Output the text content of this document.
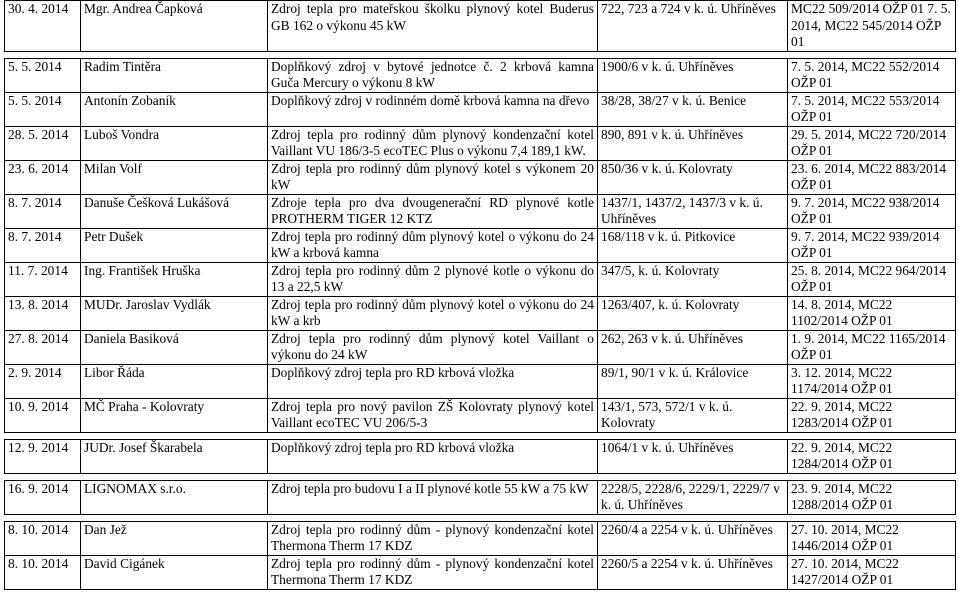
30. 4. 2014	Mgr. Andrea Čapková	Zdroj tepla pro mateřskou školku plynový kotel Buderus GB 162 o výkonu 45 kW	722, 723 a 724 v k. ú. Uhříněves	MC22 509/2014 OŽP 01 7. 5. 2014, MC22 545/2014 OŽP 01

5. 5. 2014	Radim Tintěra	Doplňkový zdroj v bytové jednotce č. 2 krbová kamna Guča Mercury o výkonu 8 kW	1900/6 v k. ú. Uhříněves	7. 5. 2014, MC22 552/2014 OŽP 01
5. 5. 2014	Antonín Zobaník	Doplňkový zdroj v rodinném domě krbová kamna na dřevo	38/28, 38/27 v k. ú. Benice	7. 5. 2014, MC22 553/2014 OŽP 01
28. 5. 2014	Luboš Vondra	Zdroj tepla pro rodinný dům plynový kondenzační kotel Vaillant VU 186/3-5 ecoTEC Plus o výkonu 7,4 189,1 kW.	890, 891 v k. ú. Uhříněves	29. 5. 2014, MC22 720/2014 OŽP 01
23. 6. 2014	Milan Volf	Zdroj tepla pro rodinný dům plynový kotel s výkonem 20 kW	850/36 v k. ú. Kolovraty	23. 6. 2014, MC22 883/2014 OŽP 01
8. 7. 2014	Danuše Češková Lukášová	Zdroje tepla pro dva dvougenerační RD plynové kotle PROTHERM TIGER 12 KTZ	1437/1, 1437/2, 1437/3 v k. ú. Uhříněves	9. 7. 2014, MC22 938/2014 OŽP 01
8. 7. 2014	Petr Dušek	Zdroj tepla pro rodinný dům plynový kotel o výkonu do 24 kW a krbová kamna	168/118 v k. ú. Pitkovice	9. 7. 2014, MC22 939/2014 OŽP 01
11. 7. 2014	Ing. František Hruška	Zdroj tepla pro rodinný dům 2 plynové kotle o výkonu do 13 a 22,5 kW	347/5, k. ú. Kolovraty	25. 8. 2014, MC22 964/2014 OŽP 01
13. 8. 2014	MUDr. Jaroslav Vydlák	Zdroj tepla pro rodinný dům plynový kotel o výkonu do 24 kW a krb	1263/407, k. ú. Kolovraty	14. 8. 2014, MC22 1102/2014 OŽP 01
27. 8. 2014	Daniela Basiková	Zdroj tepla pro rodinný dům plynový kotel Vaillant o výkonu do 24 kW	262, 263 v k. ú. Uhříněves	1. 9. 2014, MC22 1165/2014 OŽP 01
2. 9. 2014	Libor Řáda	Doplňkový zdroj tepla pro RD krbová vložka	89/1, 90/1 v k. ú. Královice	3. 12. 2014, MC22 1174/2014 OŽP 01
10. 9. 2014	MČ Praha - Kolovraty	Zdroj tepla pro nový pavilon ZŠ Kolovraty plynový kotel Vaillant ecoTEC VU 206/5-3	143/1, 573, 572/1 v k. ú. Kolovraty	22. 9. 2014, MC22 1283/2014 OŽP 01

12. 9. 2014	JUDr. Josef Škarabela	Doplňkový zdroj tepla pro RD krbová vložka	1064/1 v k. ú. Uhříněves	22. 9. 2014, MC22 1284/2014 OŽP 01

16. 9. 2014	LIGNOMAX s.r.o.	Zdroj tepla pro budovu I a II plynové kotle 55 kW a 75 kW	2228/5, 2228/6, 2229/1, 2229/7 v k. ú. Uhříněves	23. 9. 2014, MC22 1288/2014 OŽP 01

8. 10. 2014	Dan Jež	Zdroj tepla pro rodinný dům - plynový kondenzační kotel Thermona Therm 17 KDZ	2260/4 a 2254 v k. ú. Uhříněves	27. 10. 2014, MC22 1446/2014 OŽP 01
8. 10. 2014	David Cigánek	Zdroj tepla pro rodinný dům - plynový kondenzační kotel Thermona Therm 17 KDZ	2260/5 a 2254 v k. ú. Uhříněves	27. 10. 2014, MC22 1427/2014 OŽP 01
